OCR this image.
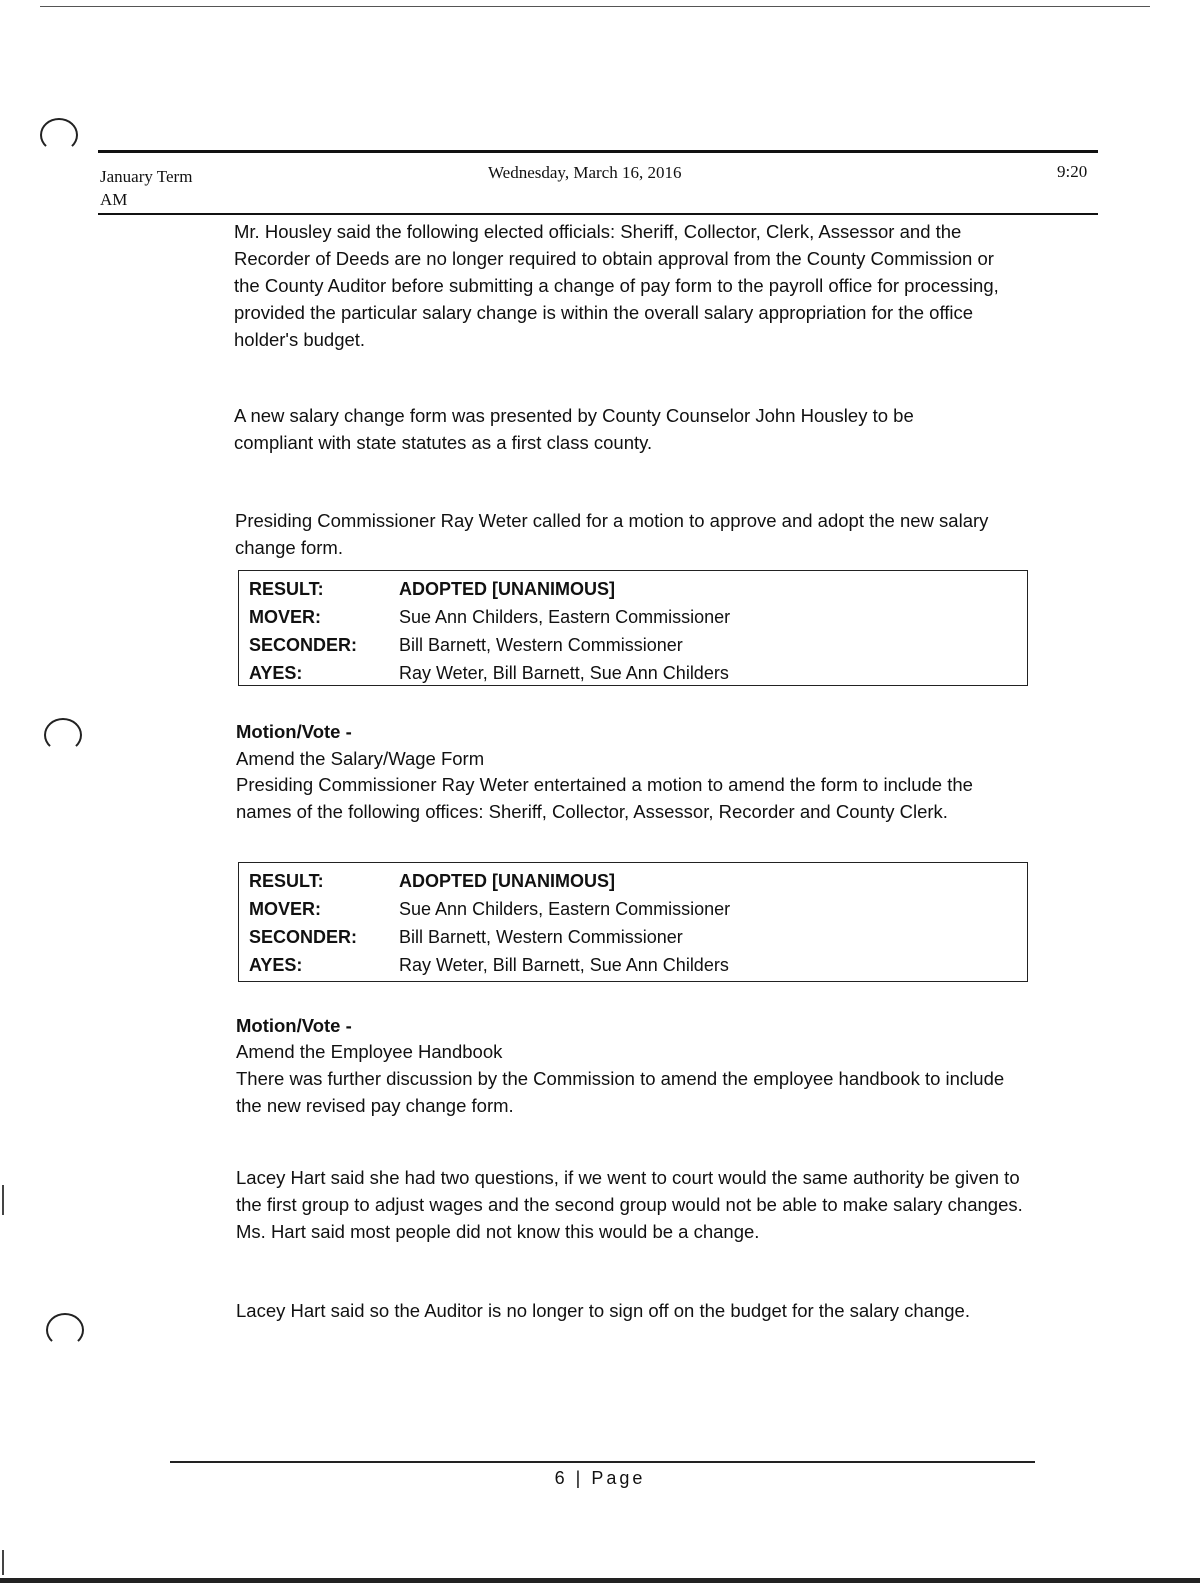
January Term	Wednesday, March 16, 2016	9:20
AM
Mr. Housley said the following elected officials: Sheriff, Collector, Clerk, Assessor and the Recorder of Deeds are no longer required to obtain approval from the County Commission or the County Auditor before submitting a change of pay form to the payroll office for processing, provided the particular salary change is within the overall salary appropriation for the office holder's budget.
A new salary change form was presented by County Counselor John Housley to be compliant with state statutes as a first class county.
Presiding Commissioner Ray Weter called for a motion to approve and adopt the new salary change form.
RESULT:	ADOPTED [UNANIMOUS]
MOVER:	Sue Ann Childers, Eastern Commissioner
SECONDER:	Bill Barnett, Western Commissioner
AYES:	Ray Weter, Bill Barnett, Sue Ann Childers
Motion/Vote -
Amend the Salary/Wage Form
Presiding Commissioner Ray Weter entertained a motion to amend the form to include the names of the following offices: Sheriff, Collector, Assessor, Recorder and County Clerk.
RESULT:	ADOPTED [UNANIMOUS]
MOVER:	Sue Ann Childers, Eastern Commissioner
SECONDER:	Bill Barnett, Western Commissioner
AYES:	Ray Weter, Bill Barnett, Sue Ann Childers
Motion/Vote -
Amend the Employee Handbook
There was further discussion by the Commission to amend the employee handbook to include the new revised pay change form.
Lacey Hart said she had two questions, if we went to court would the same authority be given to the first group to adjust wages and the second group would not be able to make salary changes. Ms. Hart said most people did not know this would be a change.
Lacey Hart said so the Auditor is no longer to sign off on the budget for the salary change.
6 | Page
